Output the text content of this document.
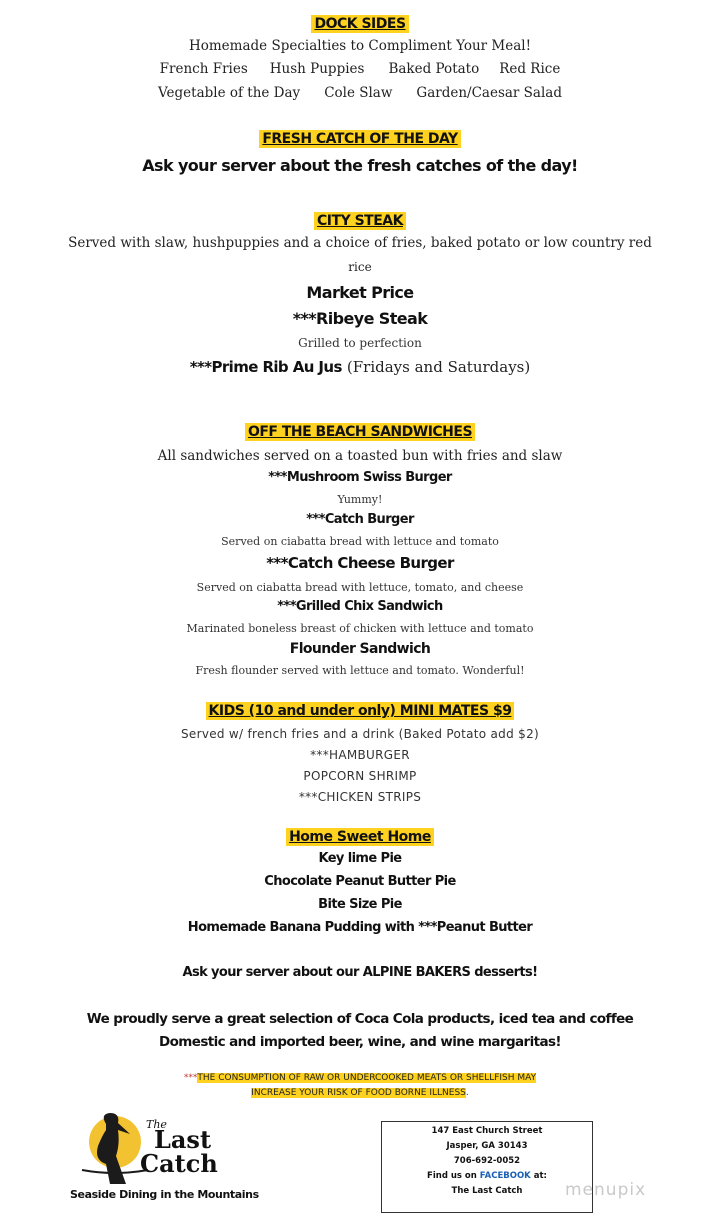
DOCK SIDES
Homemade Specialties to Compliment Your Meal!
French Fries Hush Puppies Baked Potato Red Rice
Vegetable of the Day Cole Slaw Garden/Caesar Salad
FRESH CATCH OF THE DAY
Ask your server about the fresh catches of the day!
CITY STEAK
Served with slaw, hushpuppies and a choice of fries, baked potato or low country red
rice
Market Price
***Ribeye Steak
Grilled to perfection
***Prime Rib Au Jus (Fridays and Saturdays)
OFF THE BEACH SANDWICHES
All sandwiches served on a toasted bun with fries and slaw
***Mushroom Swiss Burger
Yummy!
***Catch Burger
Served on ciabatta bread with lettuce and tomato
***Catch Cheese Burger
Served on ciabatta bread with lettuce, tomato, and cheese
***Grilled Chix Sandwich
Marinated boneless breast of chicken with lettuce and tomato
Flounder Sandwich
Fresh flounder served with lettuce and tomato. Wonderful!
KIDS (10 and under only) MINI MATES $9
Served w/ french fries and a drink (Baked Potato add $2)
***HAMBURGER
POPCORN SHRIMP
***CHICKEN STRIPS
Home Sweet Home
Key lime Pie
Chocolate Peanut Butter Pie
Bite Size Pie
Homemade Banana Pudding with ***Peanut Butter
Ask your server about our ALPINE BAKERS desserts!
We proudly serve a great selection of Coca Cola products, iced tea and coffee
Domestic and imported beer, wine, and wine margaritas!
***THE CONSUMPTION OF RAW OR UNDERCOOKED MEATS OR SHELLFISH MAY
INCREASE YOUR RISK OF FOOD BORNE ILLNESS.
The
Last
Catch
Seaside Dining in the Mountains
147 East Church Street
Jasper, GA 30143
706-692-0052
Find us on FACEBOOK at:
The Last Catch	menupix
